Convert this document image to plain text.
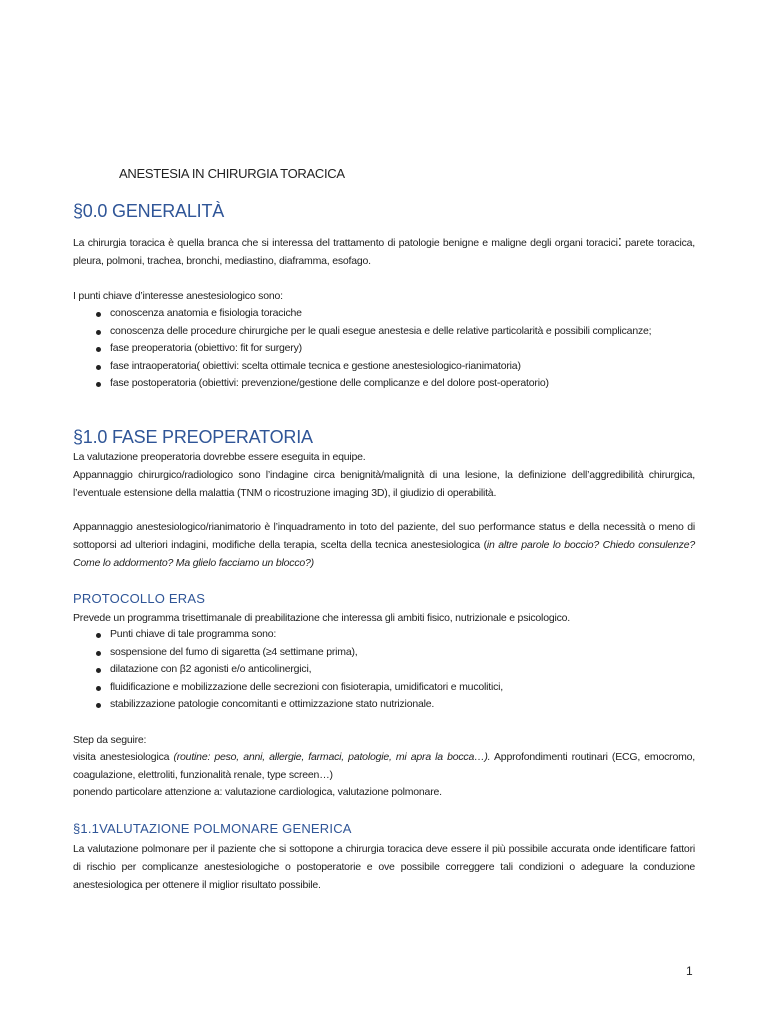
ANESTESIA IN CHIRURGIA TORACICA
§0.0 GENERALITÀ
La chirurgia toracica è quella branca che si interessa del trattamento di patologie benigne e maligne degli organi toracici: parete toracica, pleura, polmoni, trachea, bronchi, mediastino, diaframma, esofago.
I punti chiave d’interesse anestesiologico sono:
conoscenza anatomia e fisiologia toraciche
conoscenza delle procedure chirurgiche per le quali esegue anestesia e delle relative particolarità e possibili complicanze;
fase preoperatoria (obiettivo: fit for surgery)
fase intraoperatoria( obiettivi: scelta ottimale tecnica e gestione anestesiologico-rianimatoria)
fase postoperatoria (obiettivi: prevenzione/gestione delle complicanze e del dolore post-operatorio)
§1.0 FASE PREOPERATORIA
La valutazione preoperatoria dovrebbe essere eseguita in equipe.
Appannaggio chirurgico/radiologico sono l’indagine circa benignità/malignità di una lesione, la definizione dell’aggredibilità chirurgica, l’eventuale estensione della malattia (TNM o ricostruzione imaging 3D), il giudizio di operabilità.
Appannaggio anestesiologico/rianimatorio è l’inquadramento in toto del paziente, del suo performance status e della necessità o meno di sottoporsi ad ulteriori indagini, modifiche della terapia, scelta della tecnica anestesiologica (in altre parole lo boccio? Chiedo consulenze? Come lo addormento? Ma glielo facciamo un blocco?)
PROTOCOLLO ERAS
Prevede un programma trisettimanale di preabilitazione che interessa gli ambiti fisico, nutrizionale e psicologico.
Punti chiave di tale programma sono:
sospensione del fumo di sigaretta (≥4 settimane prima),
dilatazione con β2 agonisti e/o anticolinergici,
fluidificazione e mobilizzazione delle secrezioni con fisioterapia, umidificatori e mucolitici,
stabilizzazione patologie concomitanti e ottimizzazione stato nutrizionale.
Step da seguire:
visita anestesiologica (routine: peso, anni, allergie, farmaci, patologie, mi apra la bocca…). Approfondimenti routinari (ECG, emocromo, coagulazione, elettroliti, funzionalità renale, type screen…)
ponendo particolare attenzione a: valutazione cardiologica, valutazione polmonare.
§1.1VALUTAZIONE POLMONARE GENERICA
La valutazione polmonare per il paziente che si sottopone a chirurgia toracica deve essere il più possibile accurata onde identificare fattori di rischio per complicanze anestesiologiche o postoperatorie e ove possibile correggere tali condizioni o adeguare la conduzione anestesiologica per ottenere il miglior risultato possibile.
1
